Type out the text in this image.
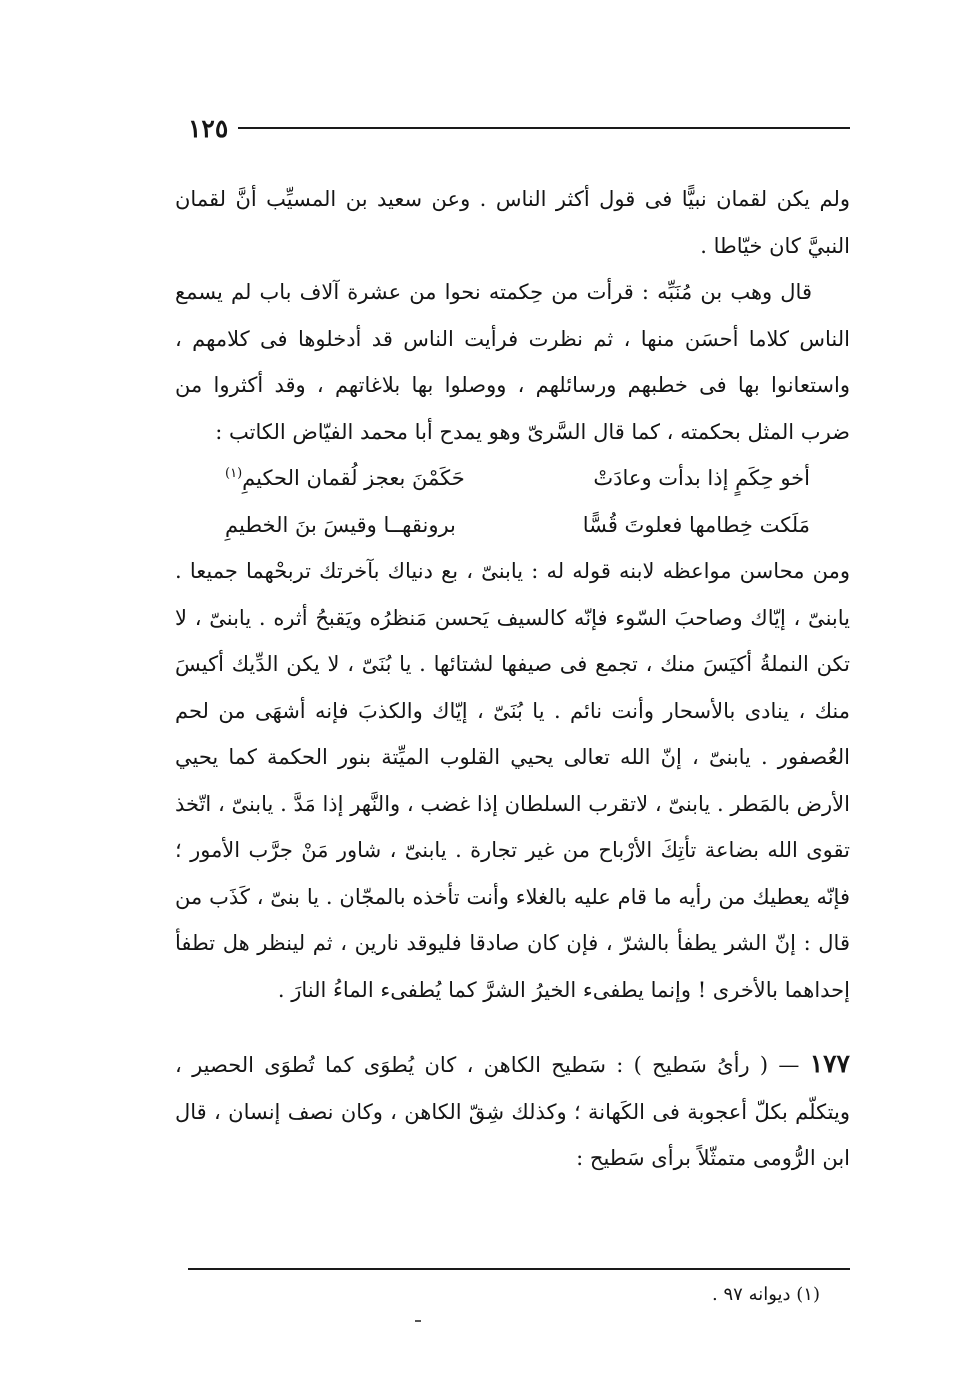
١٢٥

ولم يكن لقمان نبيًّا فى قول أكثر الناس . وعن سعيد بن المسيِّب أنَّ لقمان النبيَّ كان خيّاطا .

قال وهب بن مُنَبِّه : قرأت من حِكمته نحوا من عشرة آلاف باب لم يسمع الناس كلاما أحسَن منها ، ثم نظرت فرأيت الناس قد أدخلوها فى كلامهم ، واستعانوا بها فى خطبهم ورسائلهم ، ووصلوا بها بلاغاتهم ، وقد أكثروا من ضرب المثل بحكمته ، كما قال السَّرىّ وهو يمدح أبا محمد الفيّاض الكاتب :

أخو حِكَمٍ إذا بدأت وعادَتْ
حَكَمْنَ بعجز لُقمان الحكيمِ$^{(١)}$
مَلَكت خِطامها فعلوتَ قُسًّا
برونقهــا وقيسَ بنَ الخطيمِ

ومن محاسن مواعظه لابنه قوله له : يابنىّ ، بع دنياك بآخرتك تربحْهما جميعا . يابنىّ ، إيّاك وصاحبَ السّوء فإنّه كالسيف يَحسن مَنظرُه ويَقبحُ أثره . يابنىّ ، لا تكن النملةُ أكيَسَ منك ، تجمع فى صيفها لشتائها . يا بُنَىّ ، لا يكن الدِّيك أكيسَ منك ، ينادى بالأسحار وأنت نائم . يا بُنَىّ ، إيّاك والكذبَ فإنه أشهَى من لحم العُصفور . يابنىّ ، إنّ الله تعالى يحيي القلوب الميِّتة بنور الحكمة كما يحيي الأرض بالمَطر . يابنىّ ، لاتقرب السلطان إذا غضب ، والنَّهر إذا مَدَّ . يابنىّ ، اتّخذ تقوى الله بضاعة تأتِكَ الأرْباح من غير تجارة . يابنىّ ، شاور مَنْ جرَّب الأمور ؛ فإنّه يعطيك من رأيه ما قام عليه بالغلاء وأنت تأخذه بالمجّان . يا بنىّ ، كَذَب من قال : إنّ الشر يطفأ بالشرّ ، فإن كان صادقا فليوقد نارين ، ثم لينظر هل تطفأ إحداهما بالأخرى ! وإنما يطفىء الخيرُ الشرَّ كما يُطفىء الماءُ النارَ .

١٧٧ — ( رأىُ سَطيح ) : سَطيح الكاهن ، كان يُطوَى كما تُطوَى الحصير ، ويتكلّم بكلّ أعجوبة فى الكَهانة ؛ وكذلك شِقّ الكاهن ، وكان نصف إنسان ، قال ابن الرُّومى متمثّلاً برأى سَطيح :

(١) ديوانه ٩٧ .
